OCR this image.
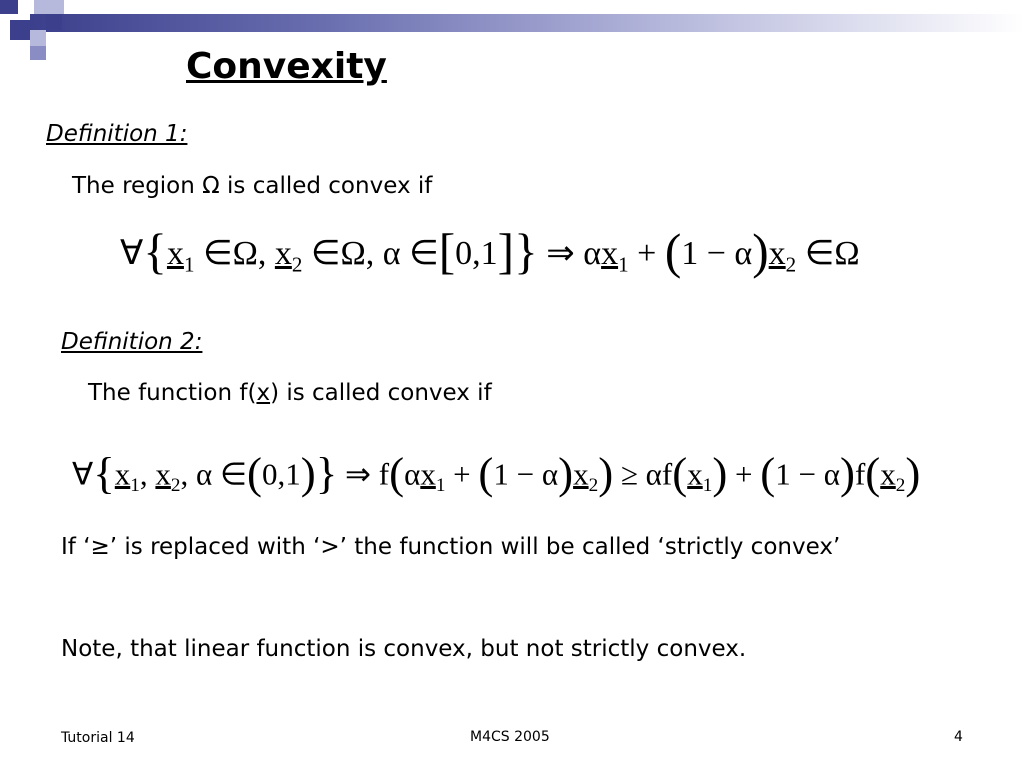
Convexity
Definition 1:
The region Ω is called convex if
$\forall\{x_1$ ∈Ω, $x_2$ ∈Ω, α ∈[0,1]} ⇒ $\alpha x_1 + (1 - \alpha)x_2$ ∈Ω
Definition 2:
The function f(x) is called convex if
$\forall\{x_1$, $x_2$, α ∈(0,1)} ⇒ $f(\alpha x_1 + (1 - \alpha)x_2) \ge \alpha f(x_1) + (1 - \alpha)f(x_2)$
If ‘≥’ is replaced with ‘>’ the function will be called ‘strictly convex’
Note, that linear function is convex, but not strictly convex.
Tutorial 14	M4CS 2005	4
